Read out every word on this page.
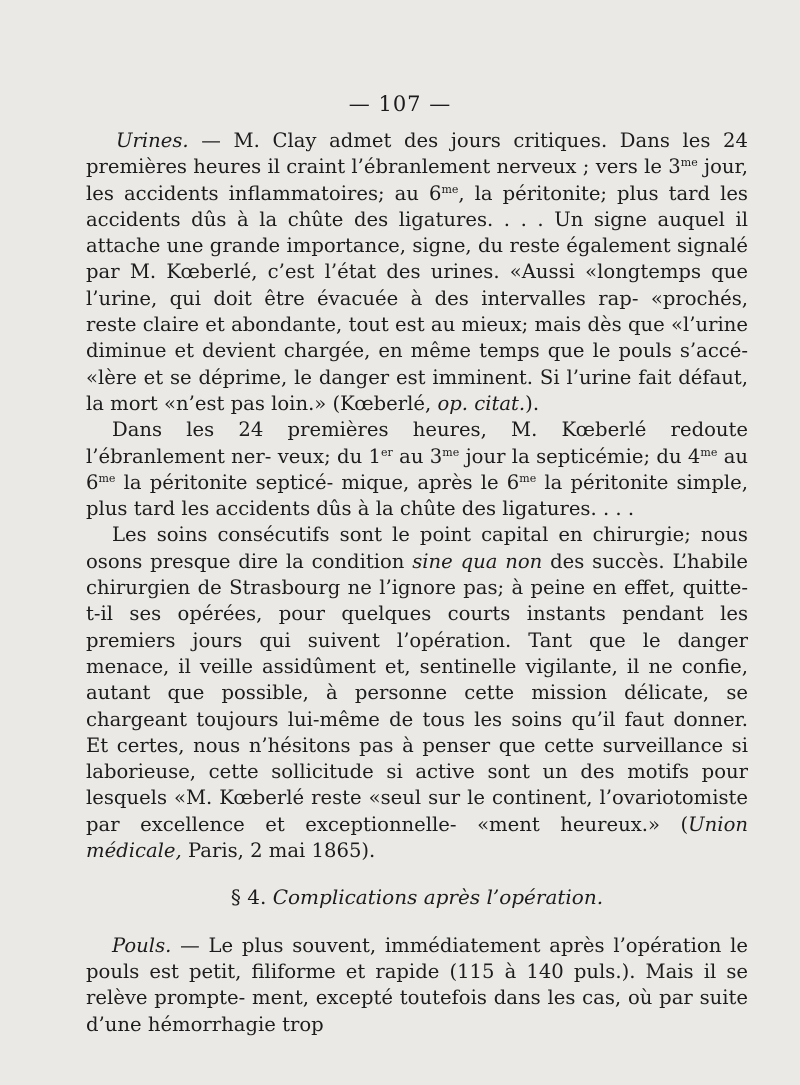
— 107 —

Urines. — M. Clay admet des jours critiques. Dans les 24 premières heures il craint l’ébranlement nerveux ; vers le $3^{me}$ jour, les accidents inflammatoires; au $6^{me}$, la péritonite; plus tard les accidents dûs à la chûte des ligatures. . . . Un signe auquel il attache une grande importance, signe, du reste également signalé par M. Kœberlé, c’est l’état des urines. «Aussi «longtemps que l’urine, qui doit être évacuée à des intervalles rap- «prochés, reste claire et abondante, tout est au mieux; mais dès que «l’urine diminue et devient chargée, en même temps que le pouls s’accé- «lère et se déprime, le danger est imminent. Si l’urine fait défaut, la mort «n’est pas loin.» (Kœberlé, op. citat.).

Dans les 24 premières heures, M. Kœberlé redoute l’ébranlement ner- veux; du 1er au $3^{me}$ jour la septicémie; du $4^{me}$ au $6^{me}$ la péritonite septicé- mique, après le $6^{me}$ la péritonite simple, plus tard les accidents dûs à la chûte des ligatures. . . .

Les soins consécutifs sont le point capital en chirurgie; nous osons presque dire la condition sine qua non des succès. L’habile chirurgien de Strasbourg ne l’ignore pas; à peine en effet, quitte-t-il ses opérées, pour quelques courts instants pendant les premiers jours qui suivent l’opération. Tant que le danger menace, il veille assidûment et, sentinelle vigilante, il ne confie, autant que possible, à personne cette mission délicate, se chargeant toujours lui-même de tous les soins qu’il faut donner. Et certes, nous n’hésitons pas à penser que cette surveillance si laborieuse, cette sollicitude si active sont un des motifs pour lesquels «M. Kœberlé reste «seul sur le continent, l’ovariotomiste par excellence et exceptionnelle- «ment heureux.» (Union médicale, Paris, 2 mai 1865).

§ 4. Complications après l’opération.

Pouls. — Le plus souvent, immédiatement après l’opération le pouls est petit, filiforme et rapide (115 à 140 puls.). Mais il se relève prompte- ment, excepté toutefois dans les cas, où par suite d’une hémorrhagie trop
